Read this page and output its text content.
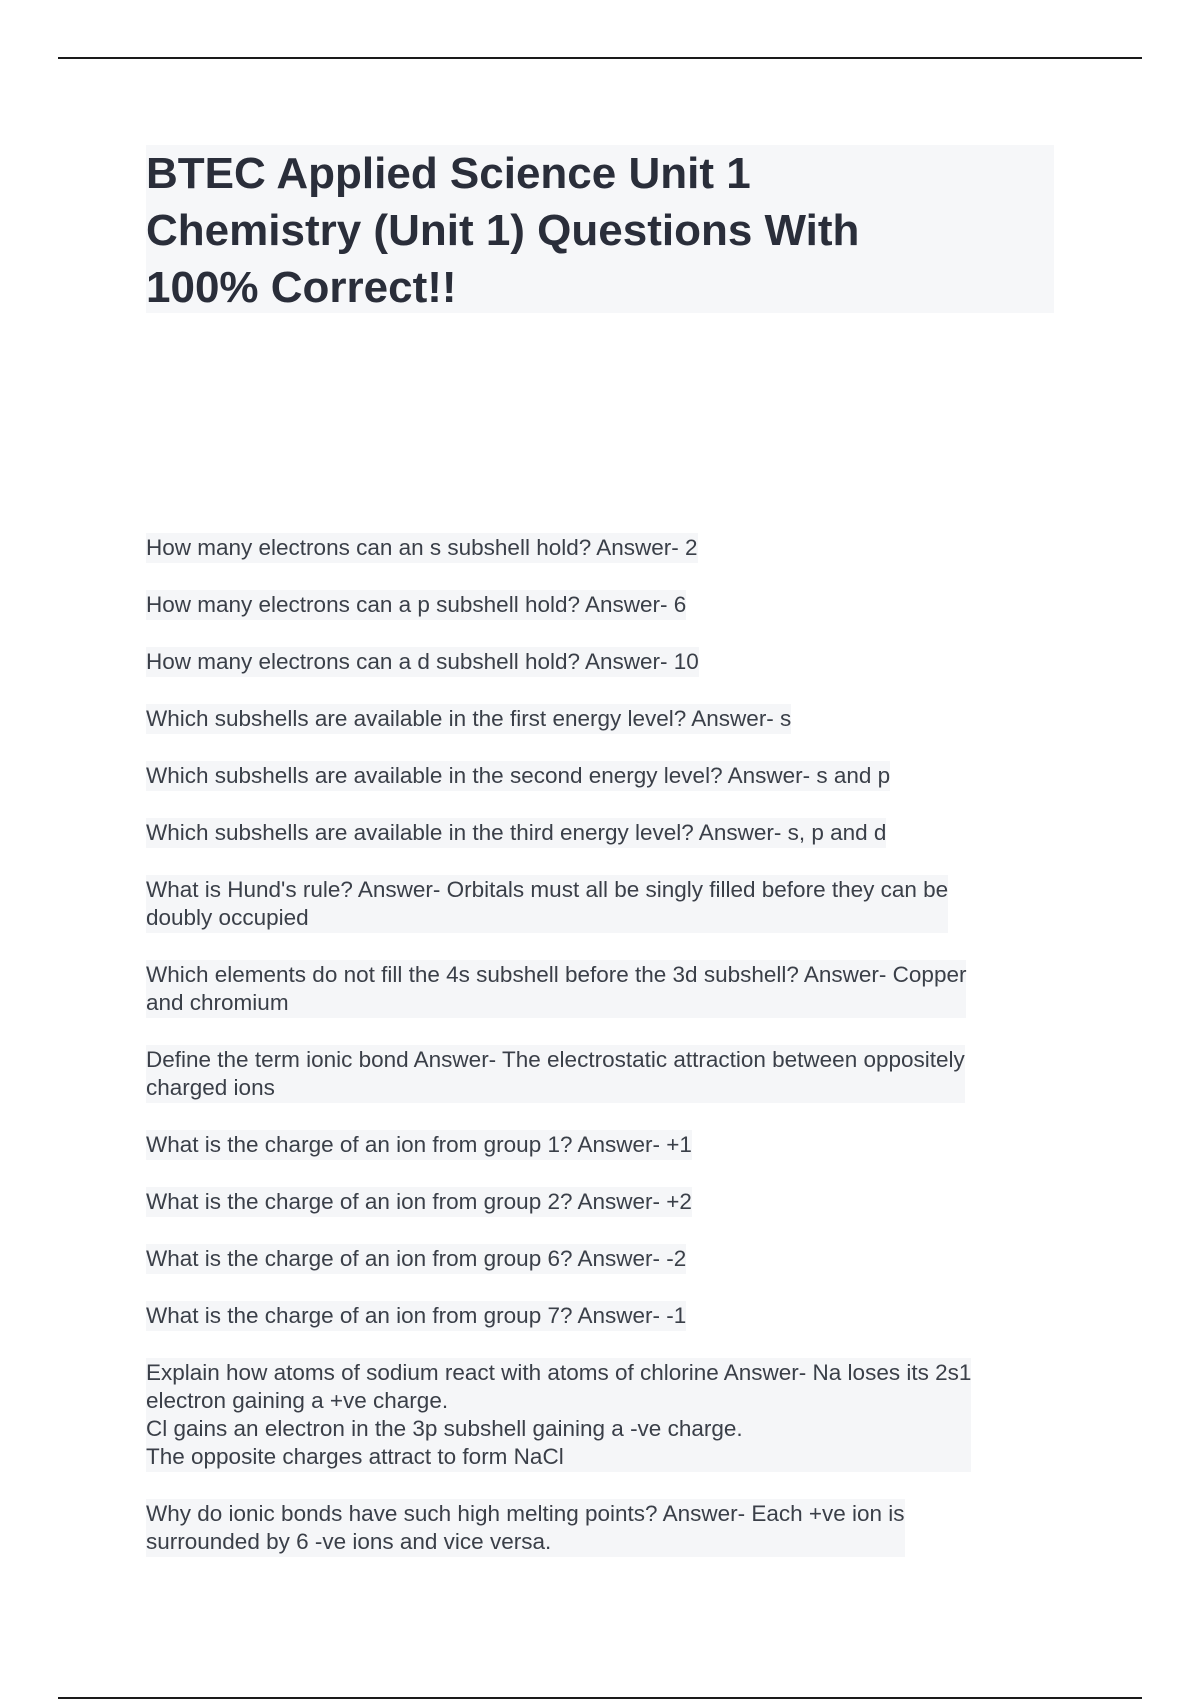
BTEC Applied Science Unit 1
Chemistry (Unit 1) Questions With
100% Correct!!
How many electrons can an s subshell hold? Answer- 2
How many electrons can a p subshell hold? Answer- 6
How many electrons can a d subshell hold? Answer- 10
Which subshells are available in the first energy level? Answer- s
Which subshells are available in the second energy level? Answer- s and p
Which subshells are available in the third energy level? Answer- s, p and d
What is Hund's rule? Answer- Orbitals must all be singly filled before they can be
doubly occupied
Which elements do not fill the 4s subshell before the 3d subshell? Answer- Copper
and chromium
Define the term ionic bond Answer- The electrostatic attraction between oppositely
charged ions
What is the charge of an ion from group 1? Answer- +1
What is the charge of an ion from group 2? Answer- +2
What is the charge of an ion from group 6? Answer- -2
What is the charge of an ion from group 7? Answer- -1
Explain how atoms of sodium react with atoms of chlorine Answer- Na loses its 2s1
electron gaining a +ve charge.
Cl gains an electron in the 3p subshell gaining a -ve charge.
The opposite charges attract to form NaCl
Why do ionic bonds have such high melting points? Answer- Each +ve ion is
surrounded by 6 -ve ions and vice versa.
